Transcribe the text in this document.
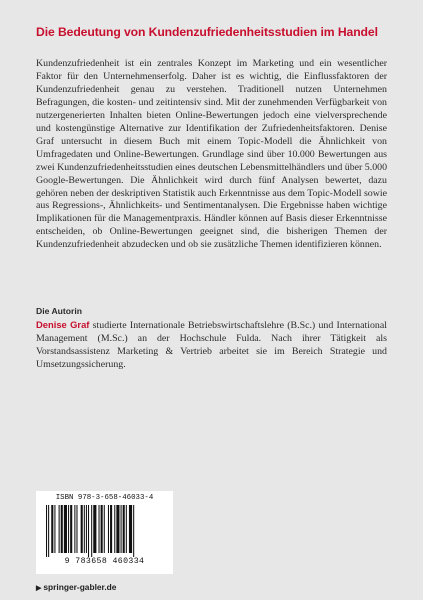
Die Bedeutung von Kundenzufriedenheitsstudien im Handel

Kundenzufriedenheit ist ein zentrales Konzept im Marketing und ein wesentlicher Faktor für den Unternehmenserfolg. Daher ist es wichtig, die Einflussfaktoren der Kundenzufriedenheit genau zu verstehen. Traditionell nutzen Unternehmen Befragungen, die kosten- und zeitintensiv sind. Mit der zunehmenden Verfügbarkeit von nutzergenerierten Inhalten bieten Online-Bewertungen jedoch eine vielversprechende und kostengünstige Alternative zur Identifikation der Zufriedenheitsfaktoren. Denise Graf untersucht in diesem Buch mit einem Topic-Modell die Ähnlichkeit von Umfragedaten und Online-Bewertungen. Grundlage sind über 10.000 Bewertungen aus zwei Kundenzufriedenheitsstudien eines deutschen Lebensmittelhändlers und über 5.000 Google-Bewertungen. Die Ähnlichkeit wird durch fünf Analysen bewertet, dazu gehören neben der deskriptiven Statistik auch Erkenntnisse aus dem Topic-Modell sowie aus Regressions-, Ähnlichkeits- und Sentimentanalysen. Die Ergebnisse haben wichtige Implikationen für die Managementpraxis. Händler können auf Basis dieser Erkenntnisse entscheiden, ob Online-Bewertungen geeignet sind, die bisherigen Themen der Kundenzufriedenheit abzudecken und ob sie zusätzliche Themen identifizieren können.

Die Autorin

Denise Graf studierte Internationale Betriebswirtschaftslehre (B.Sc.) und International Management (M.Sc.) an der Hochschule Fulda. Nach ihrer Tätigkeit als Vorstandsassistenz Marketing & Vertrieb arbeitet sie im Bereich Strategie und Umsetzungssicherung.

ISBN 978-3-658-46033-4
9 783658 460334
▶ springer-gabler.de
